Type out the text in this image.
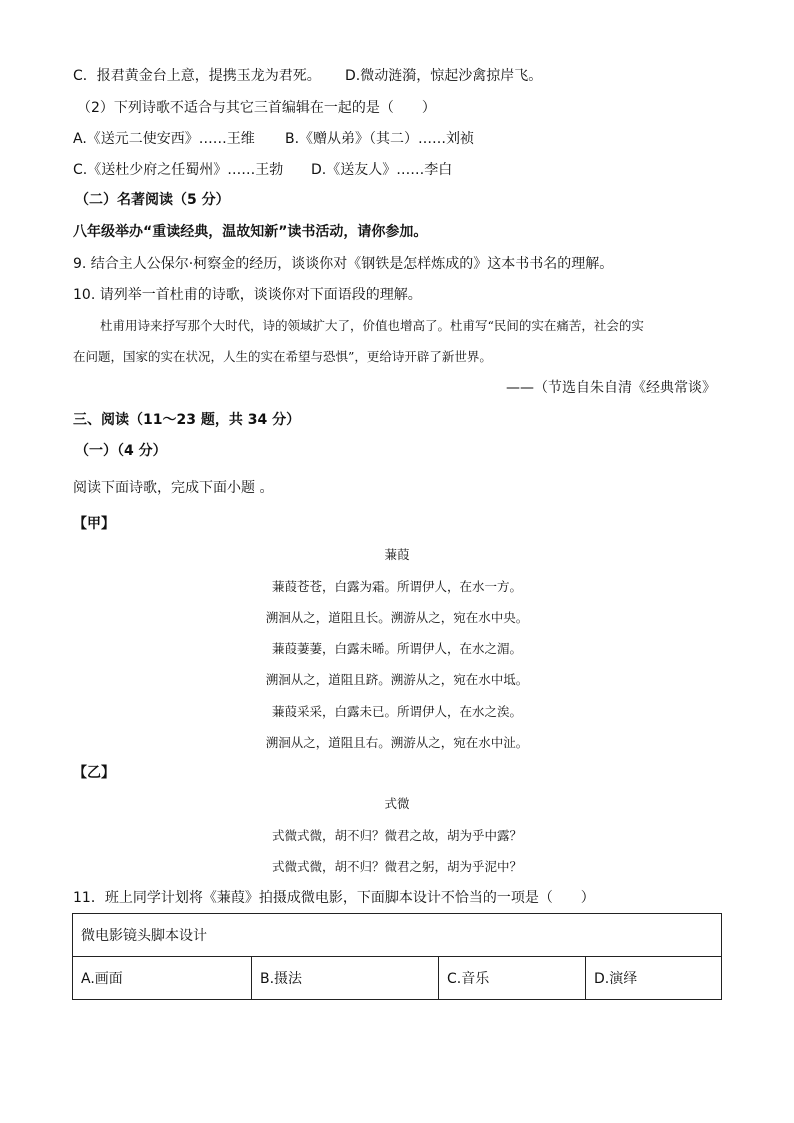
C．报君黄金台上意，提携玉龙为君死。 D.微动涟漪，惊起沙禽掠岸飞。
（2）下列诗歌不适合与其它三首编辑在一起的是（　　）
A.《送元二使安西》……王维 B.《赠从弟》（其二）……刘祯
C.《送杜少府之任蜀州》……王勃 D.《送友人》……李白
（二）名著阅读（5 分）
八年级举办“重读经典，温故知新”读书活动，请你参加。
9. 结合主人公保尔·柯察金的经历，谈谈你对《钢铁是怎样炼成的》这本书书名的理解。
10. 请列举一首杜甫的诗歌，谈谈你对下面语段的理解。
杜甫用诗来抒写那个大时代，诗的领域扩大了，价值也增高了。杜甫写“民间的实在痛苦，社会的实
在问题，国家的实在状况，人生的实在希望与恐惧”，更给诗开辟了新世界。
——（节选自朱自清《经典常谈》
三、阅读（11～23 题，共 34 分）
（一）（4 分）
阅读下面诗歌，完成下面小题 。
【甲】
蒹葭
蒹葭苍苍，白露为霜。所谓伊人，在水一方。
溯洄从之，道阻且长。溯游从之，宛在水中央。
蒹葭萋萋，白露未晞。所谓伊人，在水之湄。
溯洄从之，道阻且跻。溯游从之，宛在水中坻。
蒹葭采采，白露未已。所谓伊人，在水之涘。
溯洄从之，道阻且右。溯游从之，宛在水中沚。
【乙】
式微
式微式微，胡不归？微君之故，胡为乎中露？
式微式微，胡不归？微君之躬，胡为乎泥中？
11．班上同学计划将《蒹葭》拍摄成微电影，下面脚本设计不恰当的一项是（　　）
微电影镜头脚本设计
A.画面	B.摄法	C.音乐	D.演绎
